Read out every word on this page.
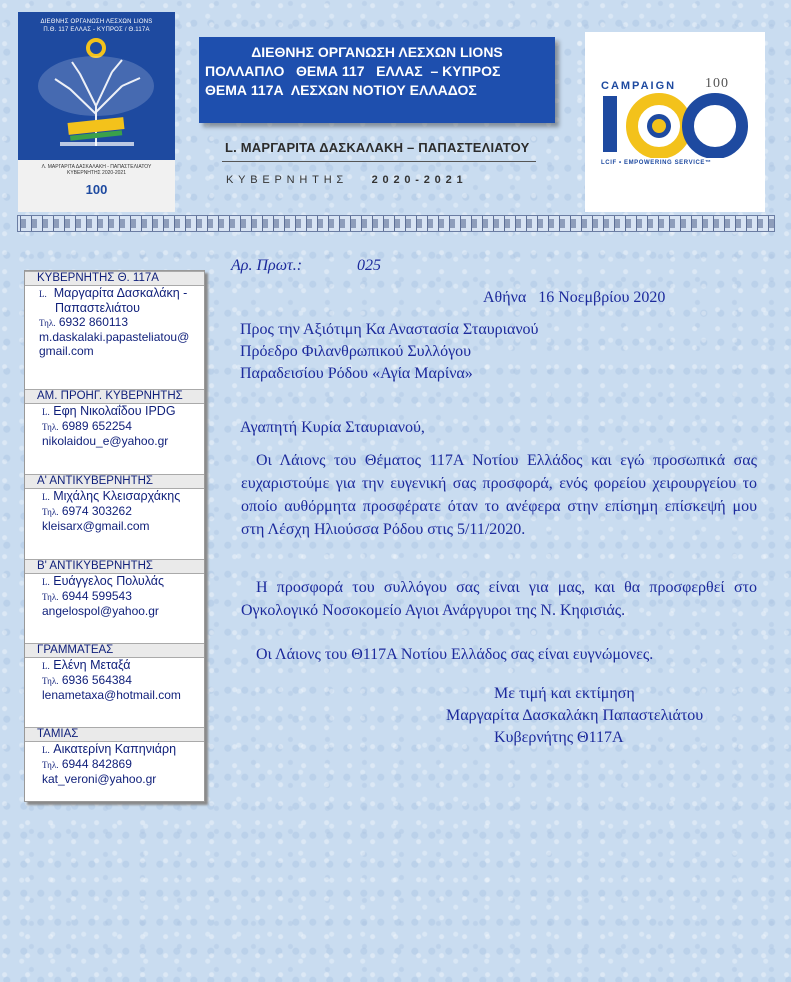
ΔΙΕΘΝΗΣ ΟΡΓΑΝΩΣΗ ΛΕΣΧΩΝ LIONS
Π.Θ. 117 ΕΛΛΑΣ - ΚΥΠΡΟΣ / Θ.117Α
Λ. ΜΑΡΓΑΡΙΤΑ ΔΑΣΚΑΛΑΚΗ - ΠΑΠΑΣΤΕΛΙΑΤΟΥ
ΚΥΒΕΡΝΗΤΗΣ 2020-2021
100
ΔΙΕΘΝΗΣ ΟΡΓΑΝΩΣΗ ΛΕΣΧΩΝ LIONS
ΠΟΛΛΑΠΛΟ   ΘΕΜΑ 117   ΕΛΛΑΣ  – ΚΥΠΡΟΣ
ΘΕΜΑ 117Α  ΛΕΣΧΩΝ ΝΟΤΙΟΥ ΕΛΛΑΔΟΣ
L. ΜΑΡΓΑΡΙΤΑ ΔΑΣΚΑΛΑΚΗ – ΠΑΠΑΣΤΕΛΙΑΤΟΥ
ΚΥΒΕΡΝΗΤΗΣ 2020-2021
CAMPAIGN 100
LCIF • EMPOWERING SERVICE™
ΚΥΒΕΡΝΗΤΗΣ Θ. 117Α
L. Μαργαρίτα Δασκαλάκη -
Παπαστελιάτου
Τηλ. 6932 860113
m.daskalaki.papasteliatou@
gmail.com
ΑΜ. ΠΡΟΗΓ. ΚΥΒΕΡΝΗΤΗΣ
L. Εφη Νικολαΐδου IPDG
Τηλ. 6989 652254
nikolaidou_e@yahoo.gr
Α' ΑΝΤΙΚΥΒΕΡΝΗΤΗΣ
L. Μιχάλης Κλεισαρχάκης
Τηλ. 6974 303262
kleisarx@gmail.com
Β' ΑΝΤΙΚΥΒΕΡΝΗΤΗΣ
L. Ευάγγελος Πολυλάς
Τηλ. 6944 599543
angelospol@yahoo.gr
ΓΡΑΜΜΑΤΕΑΣ
L. Ελένη Μεταξά
Τηλ. 6936 564384
lenametaxa@hotmail.com
ΤΑΜΙΑΣ
L. Αικατερίνη Καπηνιάρη
Τηλ. 6944 842869
kat_veroni@yahoo.gr
Αρ. Πρωτ.:	025
Αθήνα   16 Νοεμβρίου 2020
Προς την Αξιότιμη Κα Αναστασία Σταυριανού
Πρόεδρο Φιλανθρωπικού Συλλόγου
Παραδεισίου Ρόδου «Αγία Μαρίνα»
Αγαπητή Κυρία Σταυριανού,
Οι Λάιονς του Θέματος 117Α Νοτίου Ελλάδος και εγώ προσωπικά σας ευχαριστούμε για την ευγενική σας προσφορά, ενός φορείου χειρουργείου το οποίο αυθόρμητα προσφέρατε όταν το ανέφερα στην επίσημη επίσκεψή μου στη Λέσχη Ηλιούσσα Ρόδου στις 5/11/2020.
Η προσφορά του συλλόγου σας είναι για μας, και θα προσφερθεί στο Ογκολογικό Νοσοκομείο Αγιοι Ανάργυροι της Ν. Κηφισιάς.
Οι Λάιονς του Θ117Α Νοτίου Ελλάδος σας είναι ευγνώμονες.
Με τιμή και εκτίμηση
Μαργαρίτα Δασκαλάκη Παπαστελιάτου
Κυβερνήτης Θ117Α
